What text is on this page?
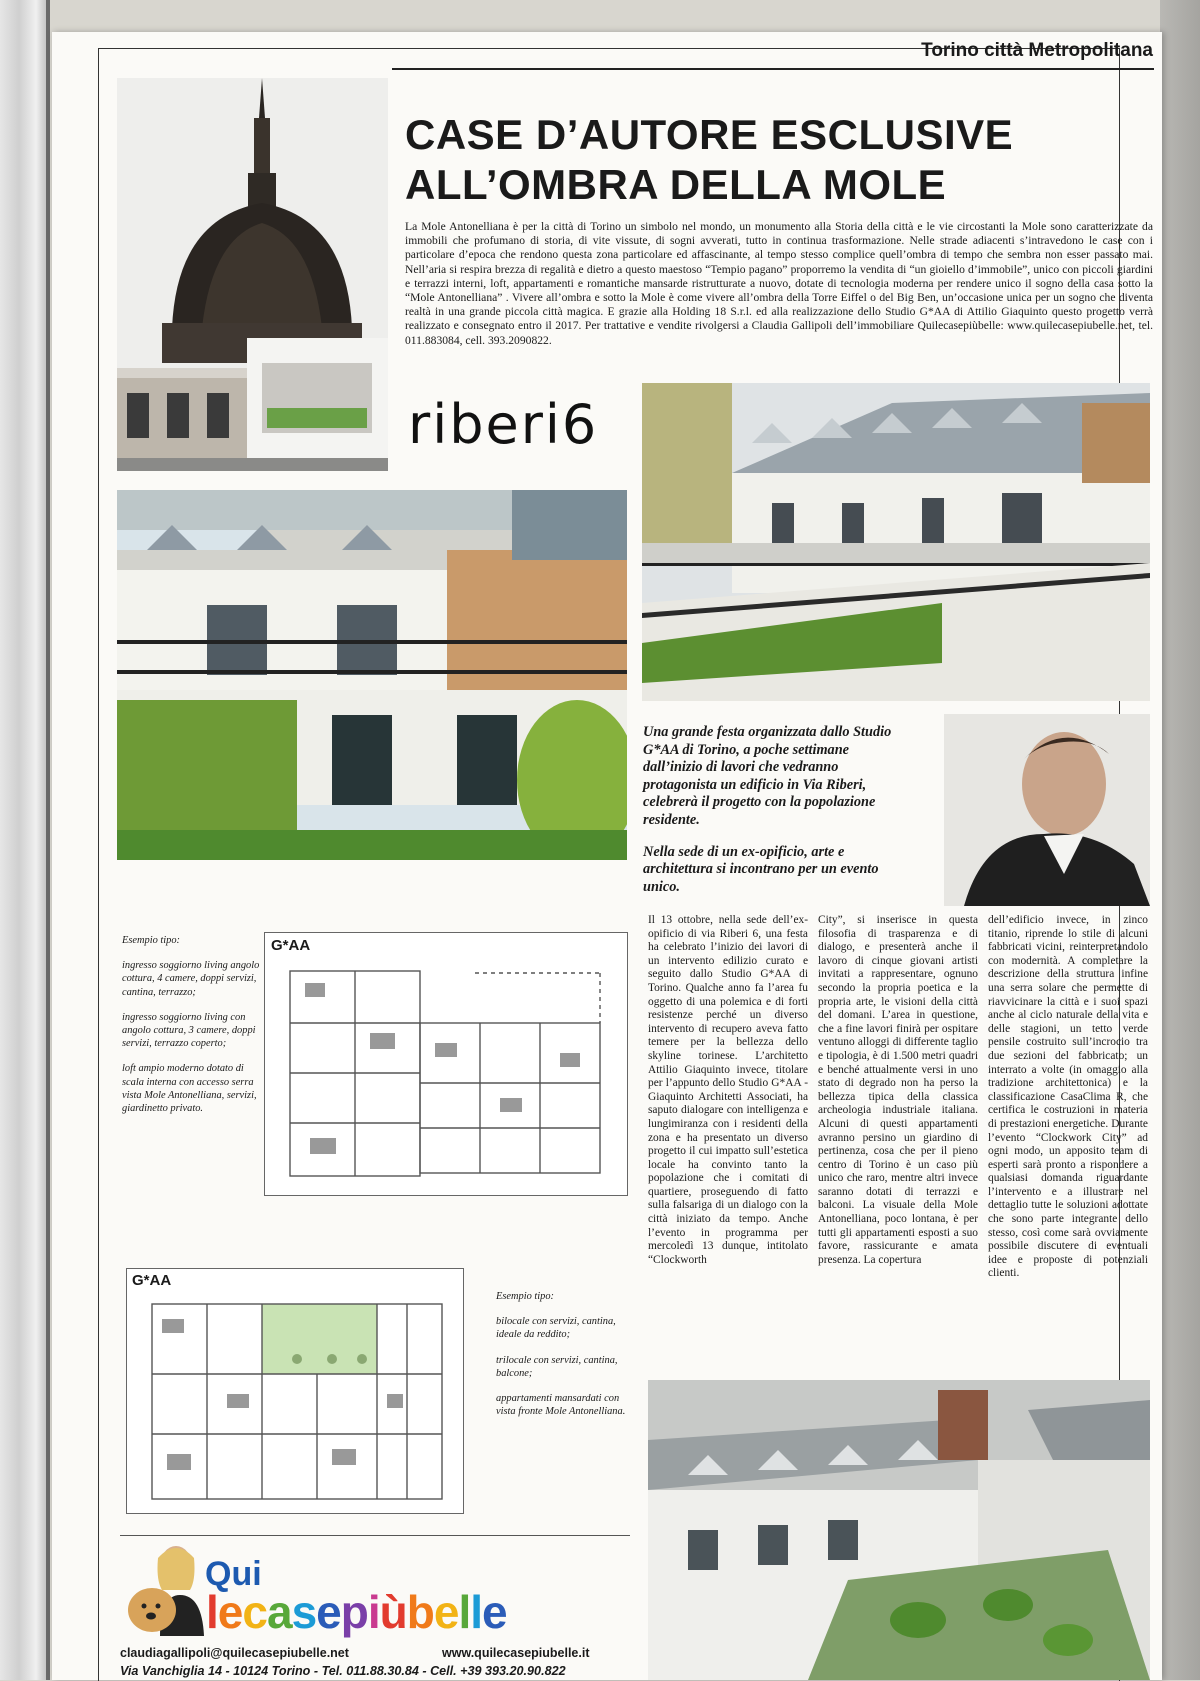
Torino città Metropolitana
CASE D’AUTORE ESCLUSIVE
ALL’OMBRA DELLA MOLE
La Mole Antonelliana è per la città di Torino un simbolo nel mondo, un monumento alla Storia della città e le vie circostanti la Mole sono caratterizzate da immobili che profumano di storia, di vite vissute, di sogni avverati, tutto in continua trasformazione. Nelle strade adiacenti s’intravedono le case con i particolare d’epoca che rendono questa zona particolare ed affascinante, al tempo stesso complice quell’ombra di tempo che sembra non esser passato mai. Nell’aria si respira brezza di regalità e dietro a questo maestoso “Tempio pagano” proporremo la vendita di “un gioiello d’immobile”, unico con piccoli giardini e terrazzi interni, loft, appartamenti e romantiche mansarde ristrutturate a nuovo, dotate di tecnologia moderna per rendere unico il sogno della casa sotto la “Mole Antonelliana” . Vivere all’ombra e sotto la Mole è come vivere all’ombra della Torre Eiffel o del Big Ben, un’occasione unica per un sogno che diventa realtà in una grande piccola città magica. E grazie alla Holding 18 S.r.l. ed alla realizzazione dello Studio G*AA di Attilio Giaquinto questo progetto verrà realizzato e consegnato entro il 2017. Per trattative e vendite rivolgersi a Claudia Gallipoli dell’immobiliare Quilecasepiùbelle: www.quilecasepiubelle.net, tel. 011.883084, cell. 393.2090822.
riberi6

Una grande festa organizzata dallo Studio G*AA di Torino, a poche settimane dall’inizio di lavori che vedranno protagonista un edificio in Via Riberi, celebrerà il progetto con la popolazione residente.

Nella sede di un ex-opificio, arte e architettura si incontrano per un evento unico.

Il 13 ottobre, nella sede dell’ex-opificio di via Riberi 6, una festa ha celebrato l’inizio dei lavori di un intervento edilizio curato e seguito dallo Studio G*AA di Torino. Qualche anno fa l’area fu oggetto di una polemica e di forti resistenze perché un diverso intervento di recupero aveva fatto temere per la bellezza dello skyline torinese. L’architetto Attilio Giaquinto invece, titolare per l’appunto dello Studio G*AA - Giaquinto Architetti Associati, ha saputo dialogare con intelligenza e lungimiranza con i residenti della zona e ha presentato un diverso progetto il cui impatto sull’estetica locale ha convinto tanto la popolazione che i comitati di quartiere, proseguendo di fatto sulla falsariga di un dialogo con la città iniziato da tempo. Anche l’evento in programma per mercoledì 13 dunque, intitolato “Clockworth
City”, si inserisce in questa filosofia di trasparenza e di dialogo, e presenterà anche il lavoro di cinque giovani artisti invitati a rappresentare, ognuno secondo la propria poetica e la propria arte, le visioni della città del domani. L’area in questione, che a fine lavori finirà per ospitare ventuno alloggi di differente taglio e tipologia, è di 1.500 metri quadri e benché attualmente versi in uno stato di degrado non ha perso la bellezza tipica della classica archeologia industriale italiana. Alcuni di questi appartamenti avranno persino un giardino di pertinenza, cosa che per il pieno centro di Torino è un caso più unico che raro, mentre altri invece saranno dotati di terrazzi e balconi. La visuale della Mole Antonelliana, poco lontana, è per tutti gli appartamenti esposti a suo favore, rassicurante e amata presenza. La copertura
dell’edificio invece, in zinco titanio, riprende lo stile di alcuni fabbricati vicini, reinterpretandolo con modernità. A completare la descrizione della struttura infine una serra solare che permette di riavvicinare la città e i suoi spazi anche al ciclo naturale della vita e delle stagioni, un tetto verde pensile costruito sull’incrocio tra due sezioni del fabbricato; un interrato a volte (in omaggio alla tradizione architettonica) e la classificazione CasaClima R, che certifica le costruzioni in materia di prestazioni energetiche. Durante l’evento “Clockwork City” ad ogni modo, un apposito team di esperti sarà pronto a rispondere a qualsiasi domanda riguardante l’intervento e a illustrare nel dettaglio tutte le soluzioni adottate che sono parte integrante dello stesso, così come sarà ovviamente possibile discutere di eventuali idee e proposte di potenziali clienti.

Esempio tipo:

ingresso soggiorno living angolo cottura, 4 camere, doppi servizi, cantina, terrazzo;

ingresso soggiorno living con angolo cottura, 3 camere, doppi servizi, terrazzo coperto;

loft ampio moderno dotato di scala interna con accesso serra vista Mole Antonelliana, servizi, giardinetto privato.

G*AA
G*AA

Esempio tipo:

bilocale con servizi, cantina, ideale da reddito;

trilocale con servizi, cantina, balcone;

appartamenti mansardati con vista fronte Mole Antonelliana.

Qui
lecasepiùbelle
claudiagallipoli@quilecasepiubelle.net	www.quilecasepiubelle.it
Via Vanchiglia 14 - 10124 Torino - Tel. 011.88.30.84 - Cell. +39 393.20.90.822
